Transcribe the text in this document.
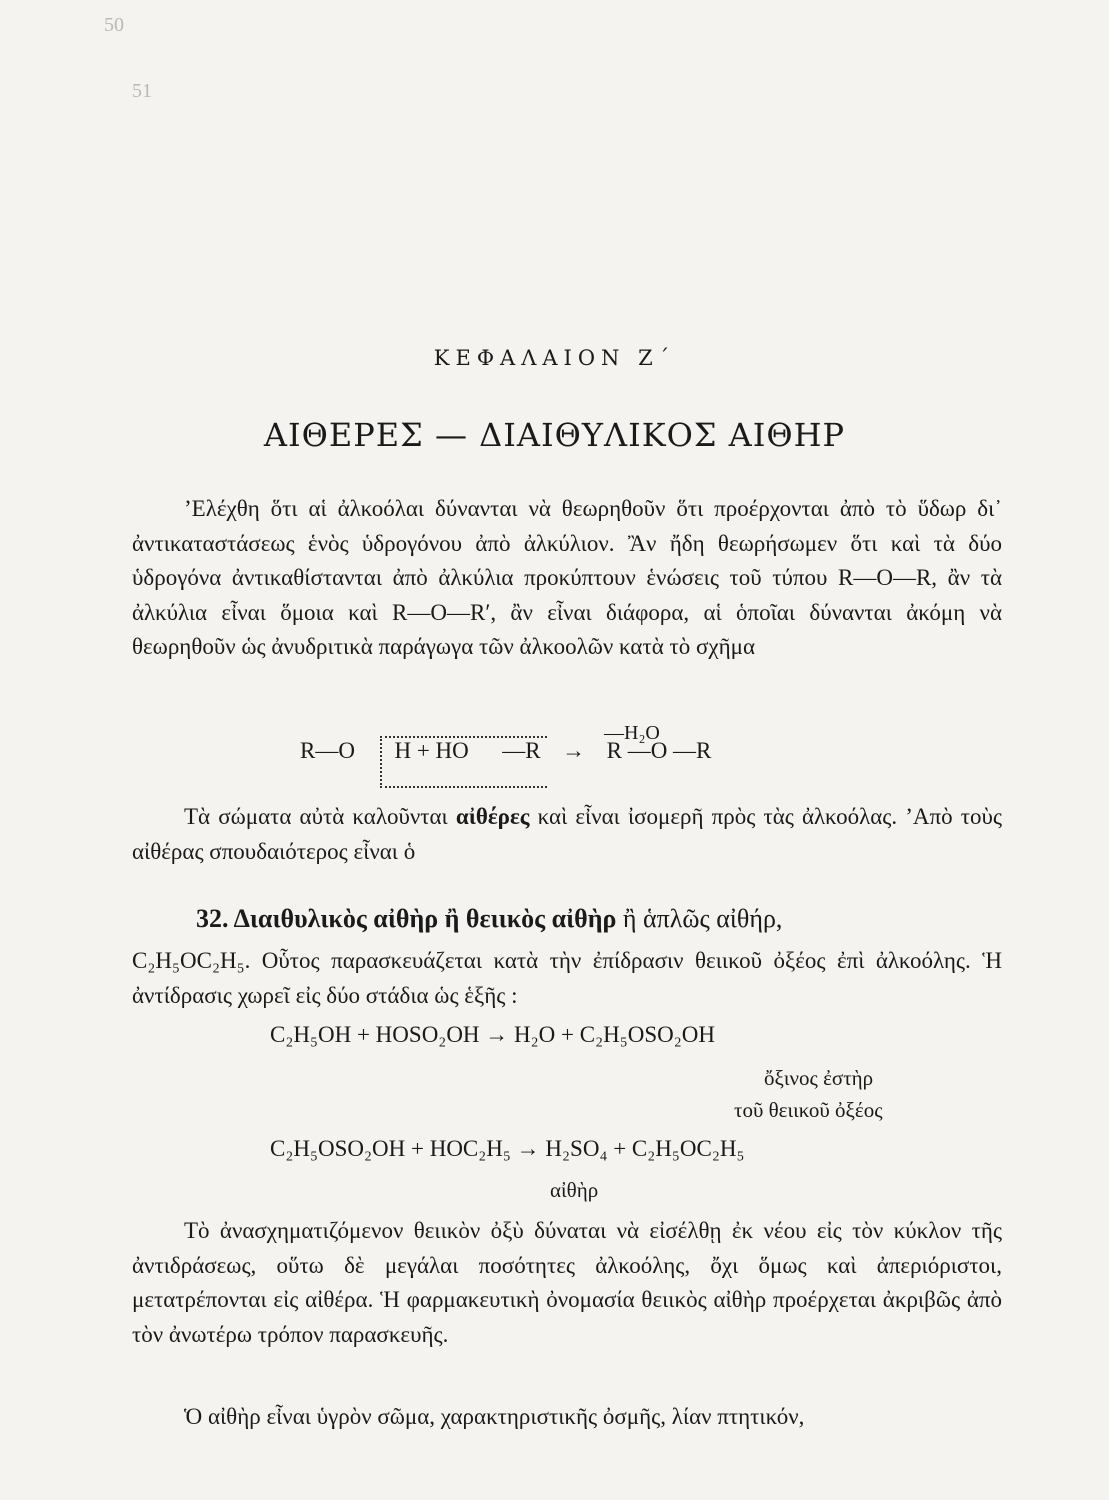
50
51
ΚΕΦΑΛΑΙΟΝ Ζ΄
ΑΙΘΕΡΕΣ — ΔΙΑΙΘΥΛΙΚΟΣ ΑΙΘΗΡ
’Ελέχθη ὅτι αἱ ἀλκοόλαι δύνανται νὰ θεωρηθοῦν ὅτι προέρχονται ἀπὸ τὸ ὕδωρ δι᾽ ἀντικαταστάσεως ἑνὸς ὑδρογόνου ἀπὸ ἀλκύλιον. Ἂν ἤδη θεωρήσωμεν ὅτι καὶ τὰ δύο ὑδρογόνα ἀντικαθίστανται ἀπὸ ἀλκύλια προκύπτουν ἑνώσεις τοῦ τύπου R—O—R, ἂν τὰ ἀλκύλια εἶναι ὅμοια καὶ R—O—R′, ἂν εἶναι διάφορα, αἱ ὁποῖαι δύνανται ἀκόμη νὰ θεωρηθοῦν ὡς ἀνυδριτικὰ παράγωγα τῶν ἀλκοολῶν κατὰ τὸ σχῆμα
—H₂O
R—O H + HO —R → R —O —R
Τὰ σώματα αὐτὰ καλοῦνται αἰθέρες καὶ εἶναι ἰσομερῆ πρὸς τὰς ἀλκοόλας. ’Απὸ τοὺς αἰθέρας σπουδαιότερος εἶναι ὁ
32. Διαιθυλικὸς αἰθὴρ ἢ θειικὸς αἰθὴρ ἢ ἁπλῶς αἰθήρ,
C₂H₅OC₂H₅. Οὗτος παρασκευάζεται κατὰ τὴν ἐπίδρασιν θειικοῦ ὀξέος ἐπὶ ἀλκοόλης. Ἡ ἀντίδρασις χωρεῖ εἰς δύο στάδια ὡς ἑξῆς :
C₂H₅OH + HOSO₂OH → H₂O + C₂H₅OSO₂OH
ὄξινος ἐστὴρ
τοῦ θειικοῦ ὀξέος
C₂H₅OSO₂OH + HOC₂H₅ → H₂SO₄ + C₂H₅OC₂H₅
αἰθὴρ
Τὸ ἀνασχηματιζόμενον θειικὸν ὀξὺ δύναται νὰ εἰσέλθῃ ἐκ νέου εἰς τὸν κύκλον τῆς ἀντιδράσεως, οὕτω δὲ μεγάλαι ποσότητες ἀλκοόλης, ὄχι ὅμως καὶ ἀπεριόριστοι, μετατρέπονται εἰς αἰθέρα. Ἡ φαρμακευτικὴ ὀνομασία θειικὸς αἰθὴρ προέρχεται ἀκριβῶς ἀπὸ τὸν ἀνωτέρω τρόπον παρασκευῆς.
Ὁ αἰθὴρ εἶναι ὑγρὸν σῶμα, χαρακτηριστικῆς ὀσμῆς, λίαν πτητικόν,
